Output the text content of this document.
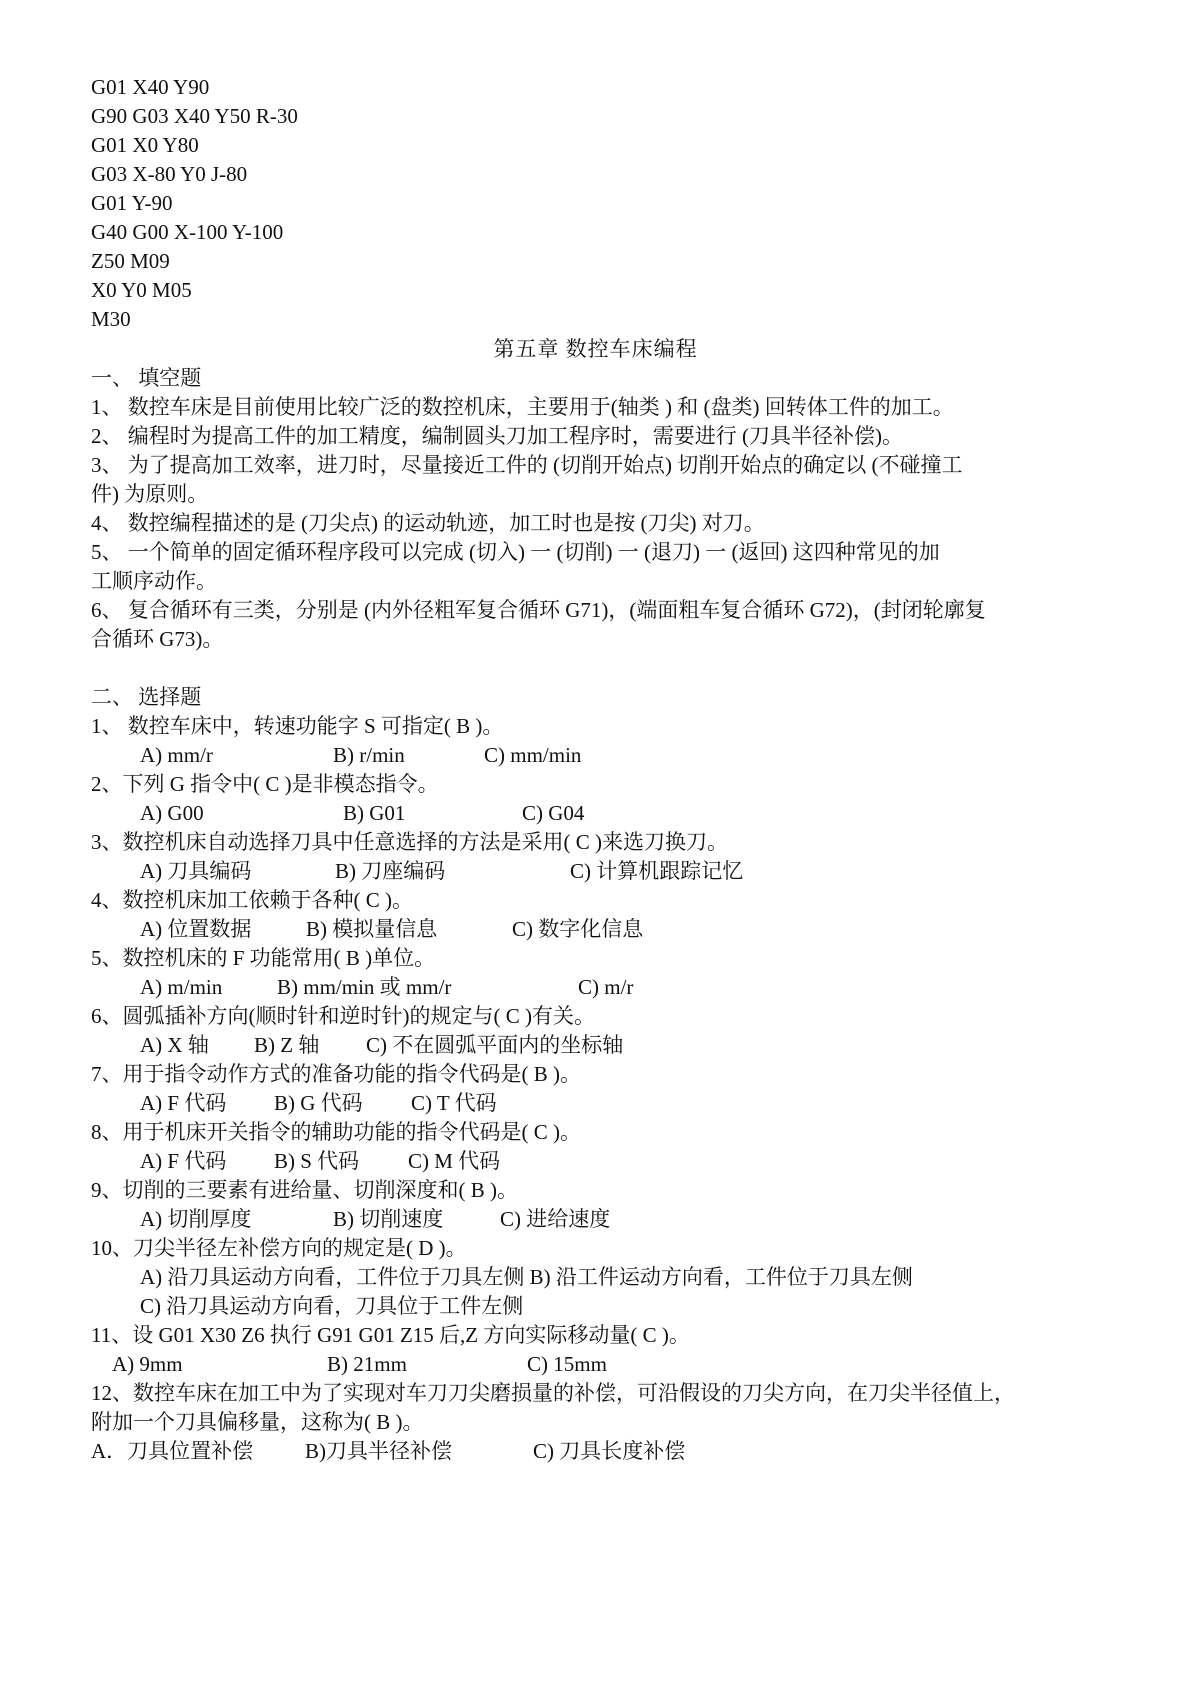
G01 X40 Y90
G90 G03 X40 Y50 R-30
G01 X0 Y80
G03 X-80 Y0 J-80
G01 Y-90
G40 G00 X-100 Y-100
Z50 M09
X0 Y0 M05
M30
第五章 数控车床编程
一、 填空题
1、 数控车床是目前使用比较广泛的数控机床，主要用于(轴类 ) 和 (盘类) 回转体工件的加工。
2、 编程时为提高工件的加工精度，编制圆头刀加工程序时，需要进行 (刀具半径补偿)。
3、 为了提高加工效率，进刀时，尽量接近工件的 (切削开始点) 切削开始点的确定以 (不碰撞工
件) 为原则。
4、 数控编程描述的是 (刀尖点) 的运动轨迹，加工时也是按 (刀尖) 对刀。
5、 一个简单的固定循环程序段可以完成 (切入) 一 (切削) 一 (退刀) 一 (返回) 这四种常见的加
工顺序动作。
6、 复合循环有三类，分别是 (内外径粗军复合循环 G71)，(端面粗车复合循环 G72)，(封闭轮廓复
合循环 G73)。
二、 选择题
1、 数控车床中，转速功能字 S 可指定( B )。
A) mm/r	B) r/min	C) mm/min
2、下列 G 指令中( C )是非模态指令。
A) G00	B) G01	C) G04
3、数控机床自动选择刀具中任意选择的方法是采用( C )来选刀换刀。
A) 刀具编码	B) 刀座编码	C) 计算机跟踪记忆
4、数控机床加工依赖于各种( C )。
A) 位置数据	B) 模拟量信息	C) 数字化信息
5、数控机床的 F 功能常用( B )单位。
A) m/min	B) mm/min 或 mm/r	C) m/r
6、圆弧插补方向(顺时针和逆时针)的规定与( C )有关。
A) X 轴 B) Z 轴 C) 不在圆弧平面内的坐标轴
7、用于指令动作方式的准备功能的指令代码是( B )。
A) F 代码 B) G 代码 C) T 代码
8、用于机床开关指令的辅助功能的指令代码是( C )。
A) F 代码 B) S 代码 C) M 代码
9、切削的三要素有进给量、切削深度和( B )。
A) 切削厚度	B) 切削速度	C) 进给速度
10、刀尖半径左补偿方向的规定是( D )。
A) 沿刀具运动方向看，工件位于刀具左侧 B) 沿工件运动方向看，工件位于刀具左侧
C) 沿刀具运动方向看，刀具位于工件左侧
11、设 G01 X30 Z6 执行 G91 G01 Z15 后,Z 方向实际移动量( C )。
A) 9mm	B) 21mm	C) 15mm
12、数控车床在加工中为了实现对车刀刀尖磨损量的补偿，可沿假设的刀尖方向，在刀尖半径值上，
附加一个刀具偏移量，这称为( B )。
A．刀具位置补偿 B)刀具半径补偿	C) 刀具长度补偿
